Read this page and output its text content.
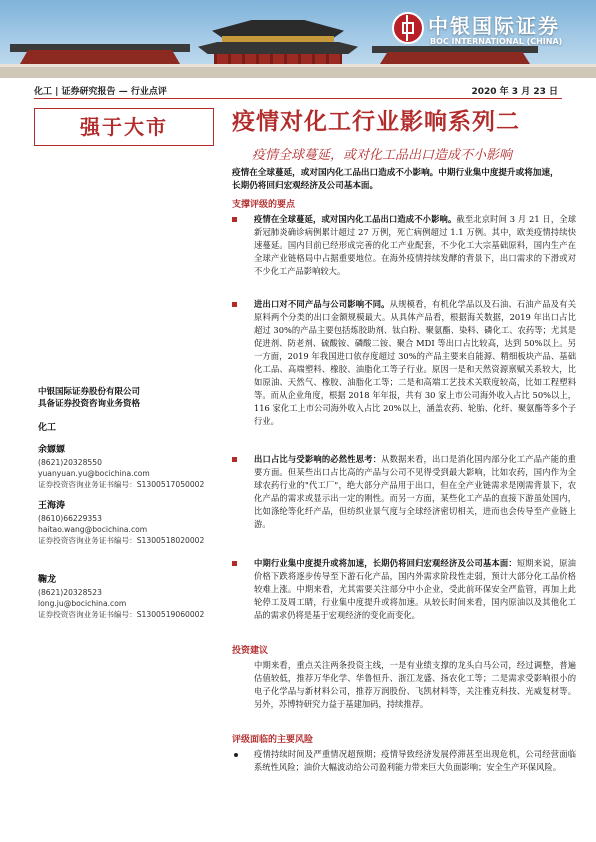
中银国际证券
BOC INTERNATIONAL (CHINA)
化工 | 证券研究报告 — 行业点评	2020 年 3 月 23 日
强于大市	疫情对化工行业影响系列二
疫情全球蔓延，或对化工品出口造成不小影响
疫情在全球蔓延，或对国内化工品出口造成不小影响。中期行业集中度提升或将加速，长期仍将回归宏观经济及公司基本面。
中银国际证券股份有限公司
具备证券投资咨询业务资格
化工
余嫄嫄
(8621)20328550
yuanyuan.yu@bocichina.com
证券投资咨询业务证书编号：S1300517050002
王海涛
(8610)66229353
haitao.wang@bocichina.com
证券投资咨询业务证书编号：S1300518020002
鞠龙
(8621)20328523
long.ju@bocichina.com
证券投资咨询业务证书编号：S1300519060002
支撑评级的要点
疫情在全球蔓延，或对国内化工品出口造成不小影响。截至北京时间 3 月 21 日，全球新冠肺炎确诊病例累计超过 27 万例，死亡病例超过 1.1 万例。其中，欧美疫情持续快速蔓延。国内目前已经形成完善的化工产业配套，不少化工大宗基础原料，国内生产在全球产业链格局中占据重要地位。在海外疫情持续发酵的背景下，出口需求的下滑或对不少化工产品影响较大。
进出口对不同产品与公司影响不同。从规模看，有机化学品以及石油、石油产品及有关原料两个分类的出口金额规模最大。从具体产品看，根据海关数据，2019 年出口占比超过 30%的产品主要包括炼胶助剂、钛白粉、聚氨酯、染料、磷化工、农药等；尤其是促进剂、防老剂、硫酸铵、磷酸二铵、聚合 MDI 等出口占比较高，达到 50%以上。另一方面，2019 年我国进口依存度超过 30%的产品主要来自能源、精细板块产品、基础化工品、高端塑料、橡胶、油脂化工等子行业。原因一是和天然资源禀赋关系较大，比如原油、天然气、橡胶、油脂化工等；二是和高端工艺技术关联度较高，比如工程塑料等。而从企业角度，根据 2018 年年报，共有 30 家上市公司海外收入占比 50%以上，116 家化工上市公司海外收入占比 20%以上，涵盖农药、轮胎、化纤、聚氨酯等多个子行业。
出口占比与受影响的必然性思考：从数据来看，出口是消化国内部分化工产品产能的重要方面。但某些出口占比高的产品与公司不见得受到最大影响，比如农药，国内作为全球农药行业的"代工厂"，绝大部分产品用于出口，但在全产业链需求是刚需背景下，农化产品的需求或显示出一定的刚性。而另一方面，某些化工产品的直接下游虽处国内，比如涤纶等化纤产品，但纺织业景气度与全球经济密切相关，进而也会传导至产业链上游。
中期行业集中度提升或将加速，长期仍将回归宏观经济及公司基本面：短期来说，原油价格下跌将逐步传导至下游石化产品，国内外需求阶段性走弱，预计大部分化工品价格较难上涨。中期来看，尤其需要关注部分中小企业，受此前环保安全严监管，再加上此轮停工及周工睛，行业集中度提升或将加速。从较长时间来看，国内原油以及其他化工品的需求仍将是基于宏观经济的变化而变化。
投资建议
中期来看，重点关注两条投资主线，一是有业绩支撑的龙头白马公司，经过调整，普遍估值较低，推荐万华化学、华鲁恒升、浙江龙盛、扬农化工等；二是需求受影响很小的电子化学品与新材料公司，推荐万润股份、飞凯材料等，关注雅克科技、光威复材等。另外，苏博特研究力益于基建加码，持续推荐。
评级面临的主要风险
疫情持续时间及严重情况超预期；疫情导致经济发展停滞甚至出现危机，公司经营面临系统性风险；油价大幅波动给公司盈利能力带来巨大负面影响；安全生产环保风险。
